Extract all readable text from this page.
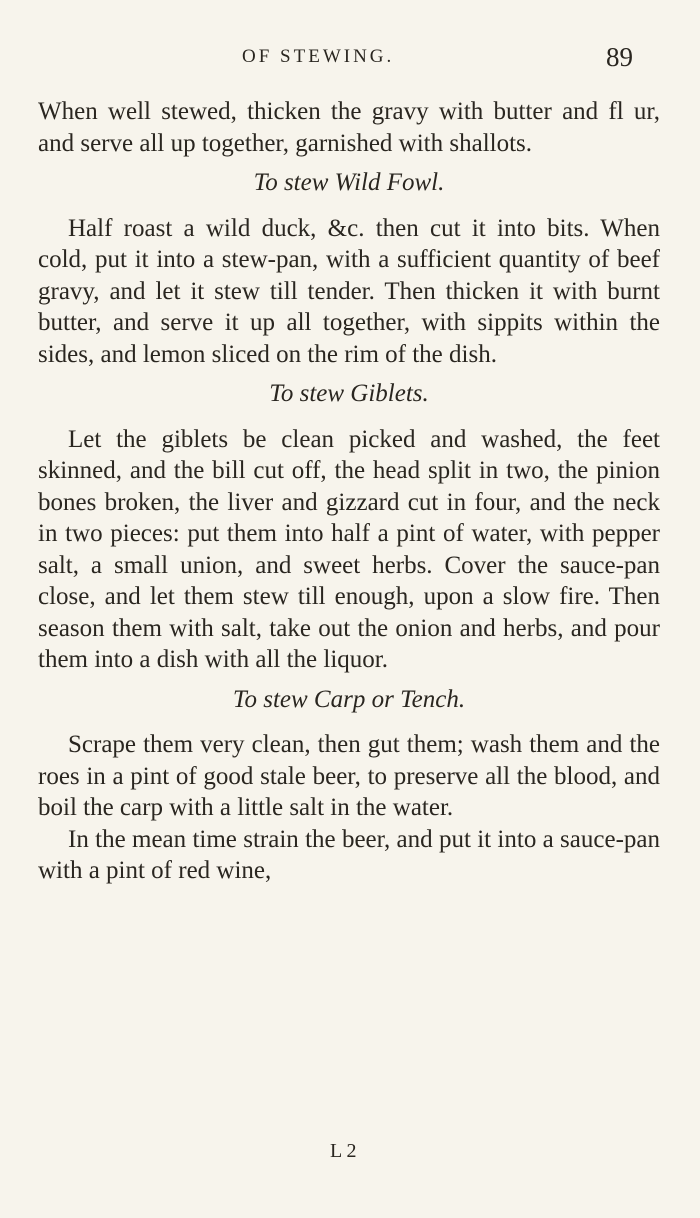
OF STEWING.	89

When well stewed, thicken the gravy with butter and fl ur, and serve all up together, garnished with shallots.

To stew Wild Fowl.

Half roast a wild duck, &c. then cut it into bits. When cold, put it into a stew-pan, with a sufficient quantity of beef gravy, and let it stew till tender. Then thicken it with burnt butter, and serve it up all together, with sippits within the sides, and lemon sliced on the rim of the dish.

To stew Giblets.

Let the giblets be clean picked and washed, the feet skinned, and the bill cut off, the head split in two, the pinion bones broken, the liver and gizzard cut in four, and the neck in two pieces: put them into half a pint of water, with pepper salt, a small union, and sweet herbs. Cover the sauce-pan close, and let them stew till enough, upon a slow fire. Then season them with salt, take out the onion and herbs, and pour them into a dish with all the liquor.

To stew Carp or Tench.

Scrape them very clean, then gut them; wash them and the roes in a pint of good stale beer, to preserve all the blood, and boil the carp with a little salt in the water.

In the mean time strain the beer, and put it into a sauce-pan with a pint of red wine,

L 2
